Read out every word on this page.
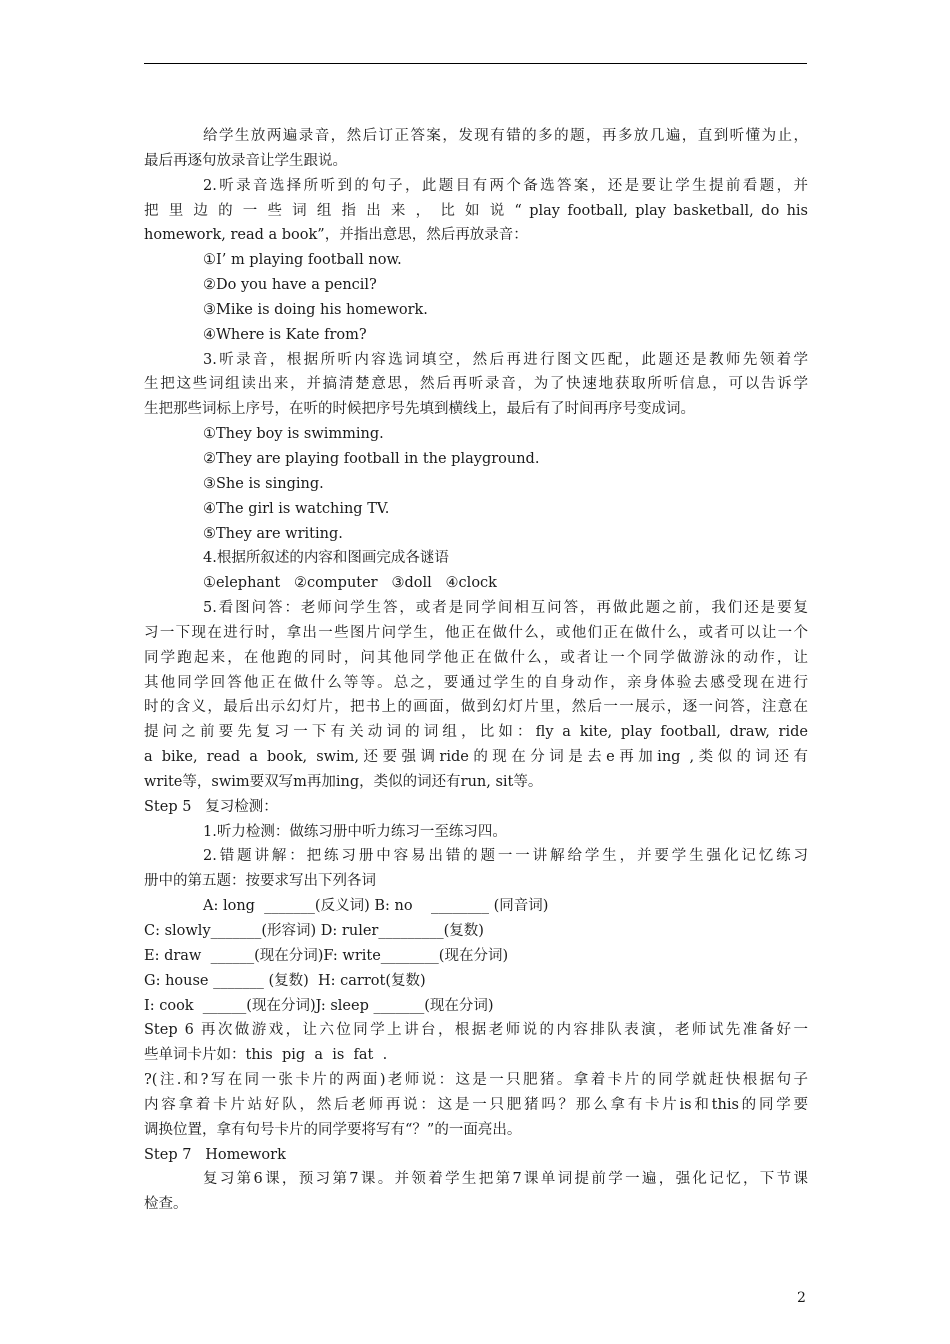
给学生放两遍录音，然后订正答案，发现有错的多的题，再多放几遍，直到听懂为止，
最后再逐句放录音让学生跟说。
2.听录音选择所听到的句子，此题目有两个备选答案，还是要让学生提前看题，并
把 里 边 的 一 些 词 组 指 出 来 ， 比 如 说 “ play football, play basketball, do his
homework, read a book”，并指出意思，然后再放录音：
①I’ m playing football now.
②Do you have a pencil?
③Mike is doing his homework.
④Where is Kate from?
3.听录音，根据所听内容选词填空，然后再进行图文匹配，此题还是教师先领着学
生把这些词组读出来，并搞清楚意思，然后再听录音，为了快速地获取所听信息，可以告诉学
生把那些词标上序号，在听的时候把序号先填到横线上，最后有了时间再序号变成词。
①They boy is swimming.
②They are playing football in the playground.
③She is singing.
④The girl is watching TV.
⑤They are writing.
4.根据所叙述的内容和图画完成各谜语
①elephant   ②computer   ③doll   ④clock
5.看图问答：老师问学生答，或者是同学间相互问答，再做此题之前，我们还是要复
习一下现在进行时，拿出一些图片问学生，他正在做什么，或他们正在做什么，或者可以让一个
同学跑起来，在他跑的同时，问其他同学他正在做什么，或者让一个同学做游泳的动作，让
其他同学回答他正在做什么等等。总之，要通过学生的自身动作，亲身体验去感受现在进行
时的含义，最后出示幻灯片，把书上的画面，做到幻灯片里，然后一一展示，逐一问答，注意在
提问之前要先复习一下有关动词的词组，比如：fly a kite, play football, draw, ride
a bike, read a book, swim,还要强调ride的现在分词是去e再加ing ,类似的词还有
write等，swim要双写m再加ing，类似的词还有run, sit等。
Step 5   复习检测：
1.听力检测：做练习册中听力练习一至练习四。
2.错题讲解：把练习册中容易出错的题一一讲解给学生，并要学生强化记忆练习
册中的第五题：按要求写出下列各词
A: long  _______(反义词) B: no    ________ (同音词)
C: slowly_______(形容词) D: ruler_________(复数)
E: draw  ______(现在分词)F: write________(现在分词)
G: house _______ (复数)  H: carrot(复数)
I: cook  ______(现在分词)J: sleep _______(现在分词)
Step 6 再次做游戏，让六位同学上讲台，根据老师说的内容排队表演，老师试先准备好一
些单词卡片如：this  pig  a  is  fat  .
?(注.和?写在同一张卡片的两面)老师说：这是一只肥猪。拿着卡片的同学就赶快根据句子
内容拿着卡片站好队，然后老师再说：这是一只肥猪吗？那么拿有卡片is和this的同学要
调换位置，拿有句号卡片的同学要将写有“？”的一面亮出。
Step 7   Homework
复习第6课，预习第7课。并领着学生把第7课单词提前学一遍，强化记忆，下节课
检查。
2
